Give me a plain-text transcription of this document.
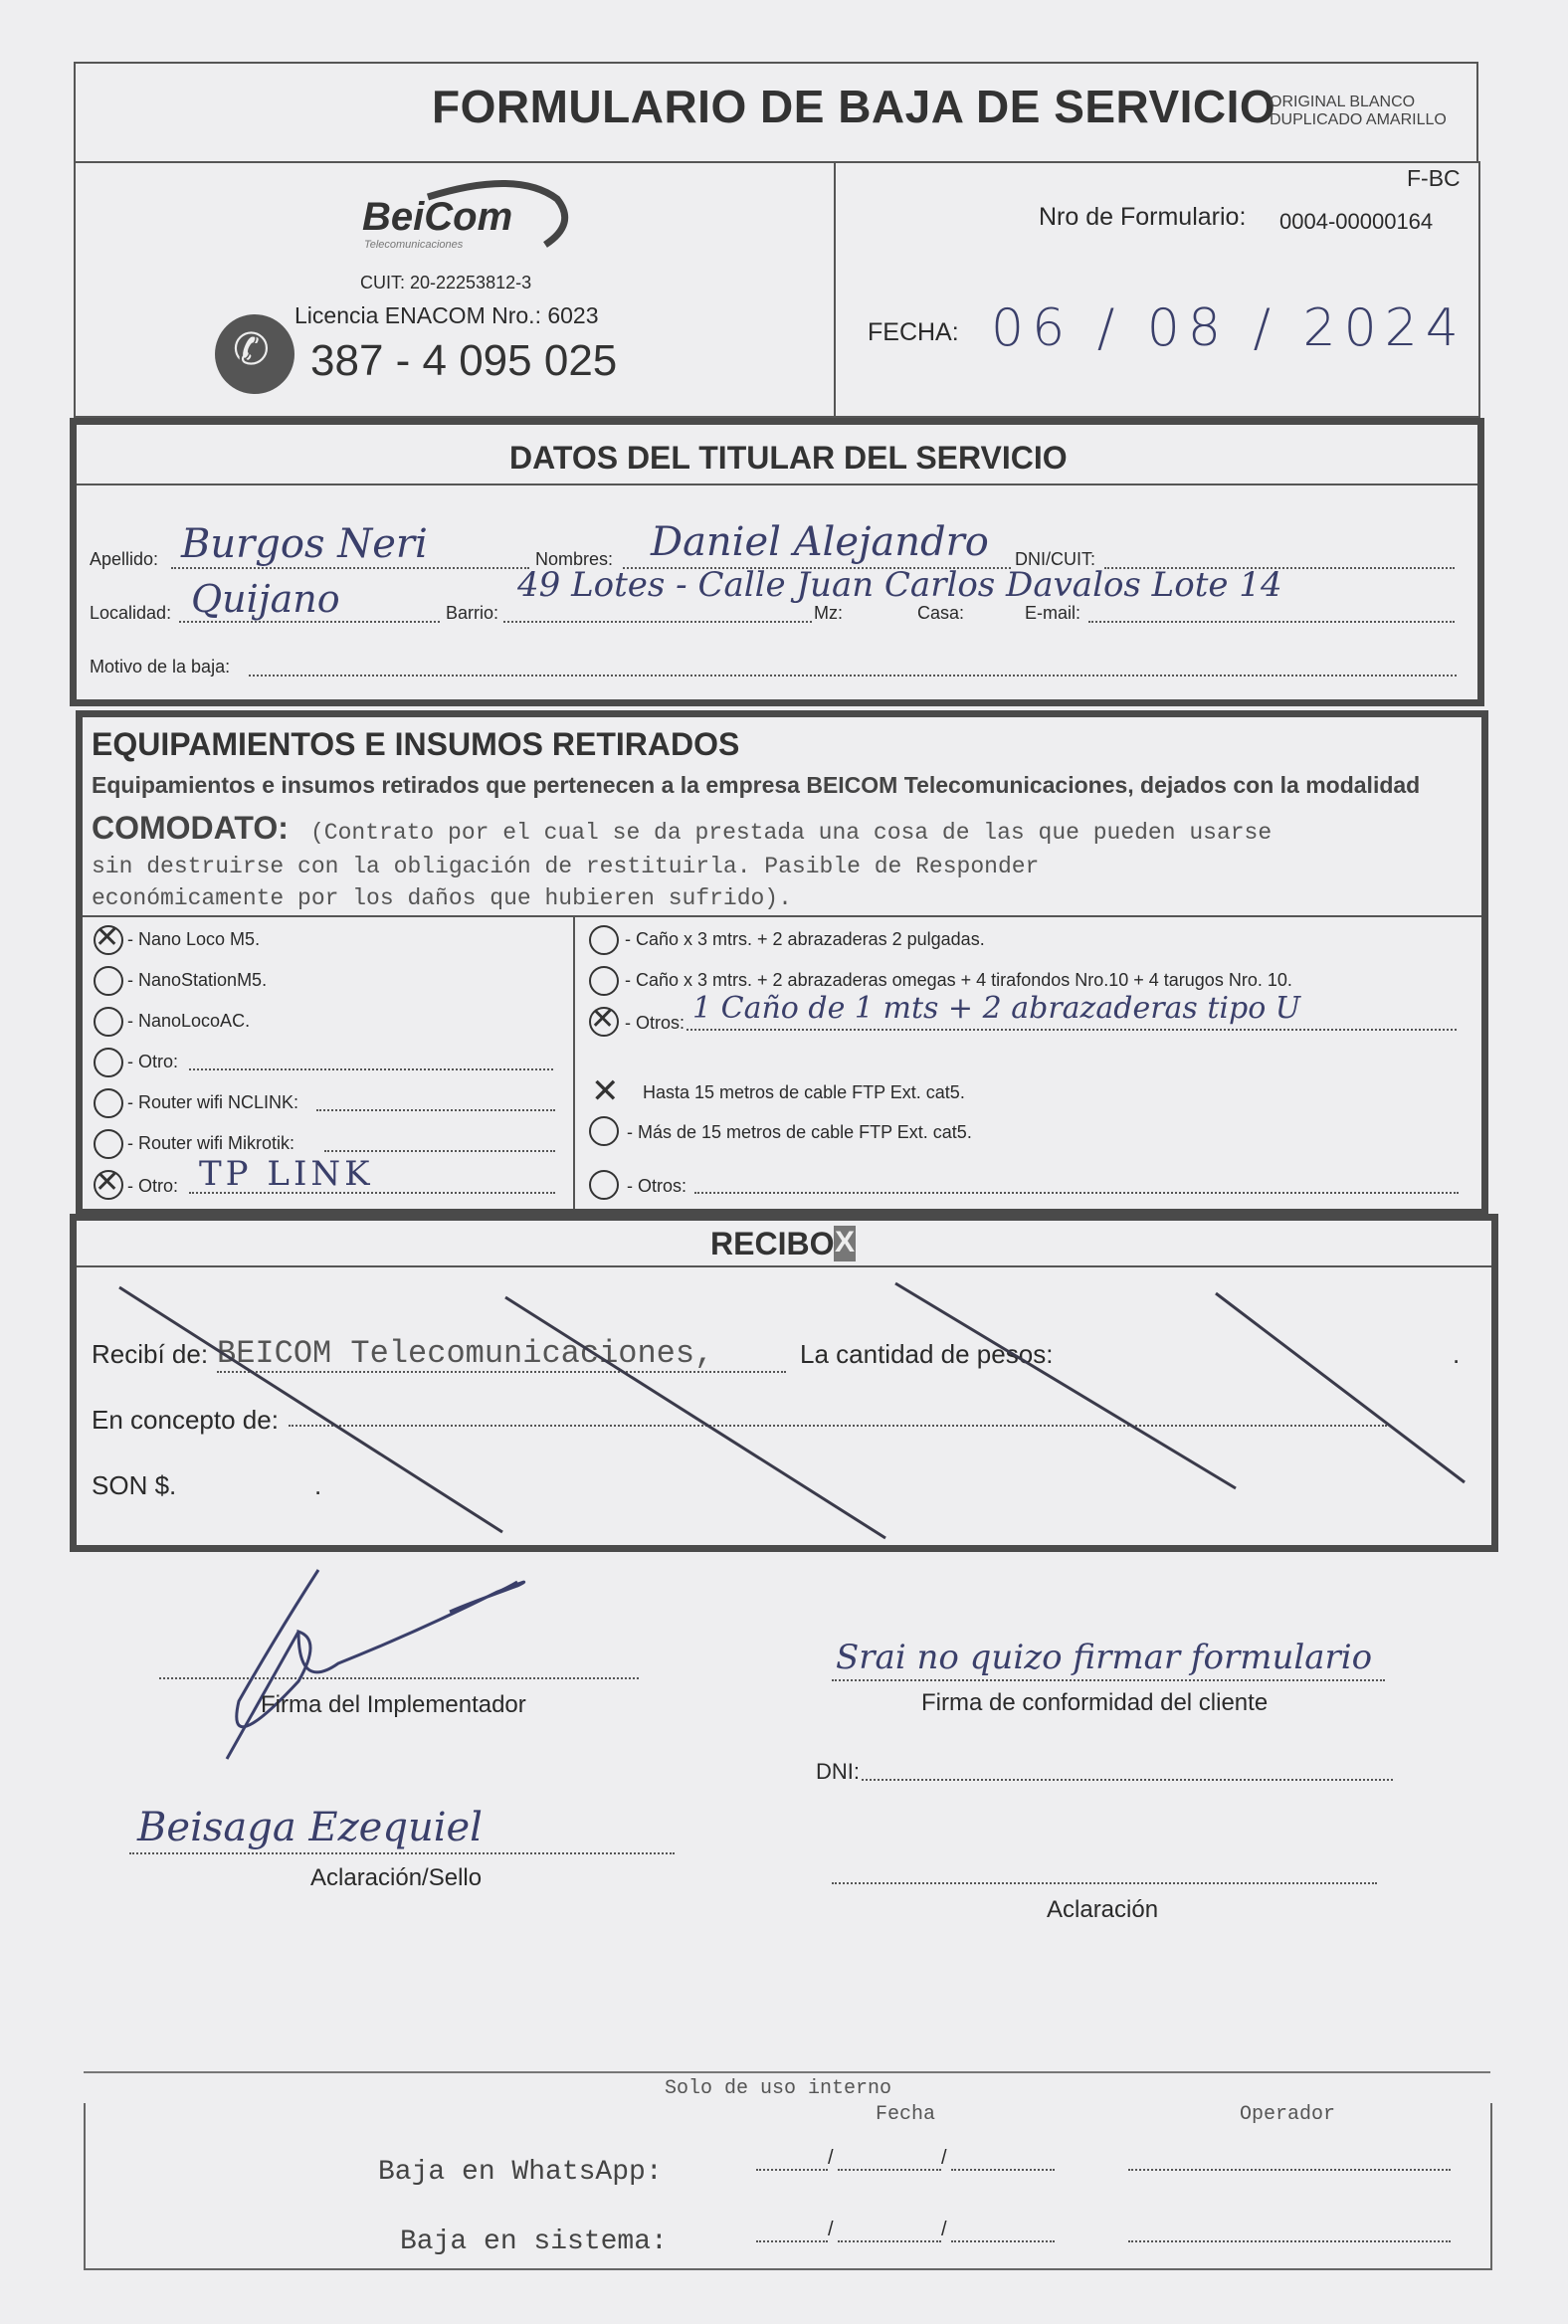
FORMULARIO DE BAJA DE SERVICIO
ORIGINAL BLANCO
DUPLICADO AMARILLO
BeiCom
Telecomunicaciones
CUIT: 20-22253812-3
Licencia ENACOM Nro.: 6023
✆ 387 - 4 095 025
F-BC
Nro de Formulario: 0004-00000164
FECHA: 06 / 08 / 2024
DATOS DEL TITULAR DEL SERVICIO
Apellido: Burgos Neri	Nombres: Daniel Alejandro DNI/CUIT:
Localidad: Quijano	Barrio:
49 Lotes - Calle Juan Carlos Davalos Lote 14
Mz:	Casa:	E-mail:
Motivo de la baja:
EQUIPAMIENTOS E INSUMOS RETIRADOS
Equipamientos e insumos retirados que pertenecen a la empresa BEICOM Telecomunicaciones, dejados con la modalidad
COMODATO: (Contrato por el cual se da prestada una cosa de las que pueden usarse
sin destruirse con la obligación de restituirla. Pasible de Responder
económicamente por los daños que hubieren sufrido).
✕ - Nano Loco M5.
- NanoStationM5.
- NanoLocoAC.
- Otro:
- Router wifi NCLINK:
- Router wifi Mikrotik:
✕ - Otro: TP LINK
- Caño x 3 mtrs. + 2 abrazaderas 2 pulgadas.
- Caño x 3 mtrs. + 2 abrazaderas omegas + 4 tirafondos Nro.10 + 4 tarugos Nro. 10.
✕ - Otros: 1 Caño de 1 mts + 2 abrazaderas tipo U
✕ Hasta 15 metros de cable FTP Ext. cat5.
- Más de 15 metros de cable FTP Ext. cat5.
- Otros:
RECIBO X
Recibí de: BEICOM Telecomunicaciones,	La cantidad de pesos:	.
En concepto de:
SON $.	.
Firma del Implementador
Beisaga Ezequiel
Aclaración/Sello
Srai no quizo firmar formulario
Firma de conformidad del cliente
DNI:
Aclaración
Solo de uso interno
Fecha	Operador
Baja en WhatsApp:	/	/
Baja en sistema:	/	/
